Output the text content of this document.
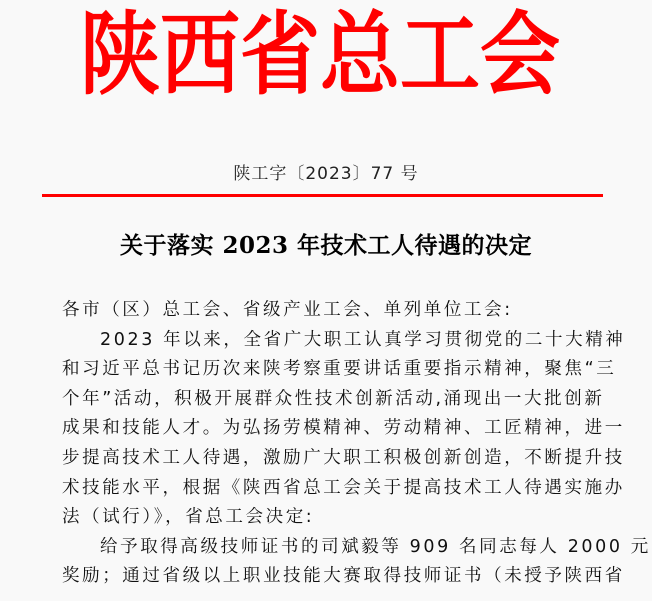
陕 西 省 总 工 会
陕工字〔2023〕77 号
关于落实 2023 年技术工人待遇的决定
各市（区）总工会、省级产业工会、单列单位工会:
2023 年以来，全省广大职工认真学习贯彻党的二十大精神
和习近平总书记历次来陕考察重要讲话重要指示精神，聚焦“三
个年”活动，积极开展群众性技术创新活动,涌现出一大批创新
成果和技能人才。为弘扬劳模精神、劳动精神、工匠精神，进一
步提高技术工人待遇，激励广大职工积极创新创造，不断提升技
术技能水平，根据《陕西省总工会关于提高技术工人待遇实施办
法（试行）》，省总工会决定:
给予取得高级技师证书的司斌毅等 909 名同志每人 2000 元
奖励；通过省级以上职业技能大赛取得技师证书（未授予陕西省
